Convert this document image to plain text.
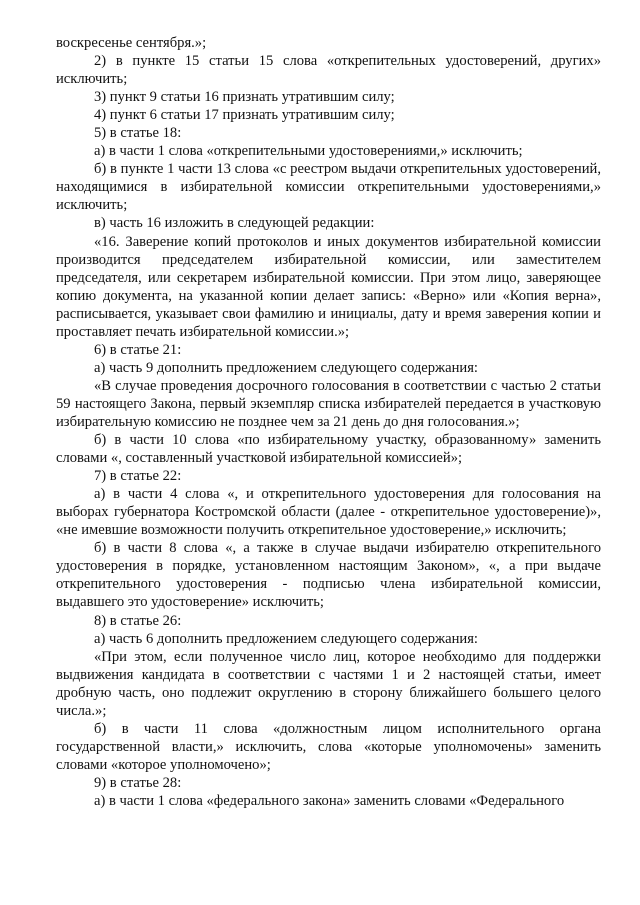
воскресенье сентября.»;

2) в пункте 15 статьи 15 слова «открепительных удостоверений, других» исключить;

3) пункт 9 статьи 16 признать утратившим силу;

4) пункт 6 статьи 17 признать утратившим силу;

5) в статье 18:

а) в части 1 слова «открепительными удостоверениями,» исключить;

б) в пункте 1 части 13 слова «с реестром выдачи открепительных удостоверений, находящимися в избирательной комиссии открепительными удостоверениями,» исключить;

в) часть 16 изложить в следующей редакции:

«16. Заверение копий протоколов и иных документов избирательной комиссии производится председателем избирательной комиссии, или заместителем председателя, или секретарем избирательной комиссии. При этом лицо, заверяющее копию документа, на указанной копии делает запись: «Верно» или «Копия верна», расписывается, указывает свои фамилию и инициалы, дату и время заверения копии и проставляет печать избирательной комиссии.»;

6) в статье 21:

а) часть 9 дополнить предложением следующего содержания:

«В случае проведения досрочного голосования в соответствии с частью 2 статьи 59 настоящего Закона, первый экземпляр списка избирателей передается в участковую избирательную комиссию не позднее чем за 21 день до дня голосования.»;

б) в части 10 слова «по избирательному участку, образованному» заменить словами «, составленный участковой избирательной комиссией»;

7) в статье 22:

а) в части 4 слова «, и открепительного удостоверения для голосования на выборах губернатора Костромской области (далее - открепительное удостоверение)», «не имевшие возможности получить открепительное удостоверение,» исключить;

б) в части 8 слова «, а также в случае выдачи избирателю открепительного удостоверения в порядке, установленном настоящим Законом», «, а при выдаче открепительного удостоверения - подписью члена избирательной комиссии, выдавшего это удостоверение» исключить;

8) в статье 26:

а) часть 6 дополнить предложением следующего содержания:

«При этом, если полученное число лиц, которое необходимо для поддержки выдвижения кандидата в соответствии с частями 1 и 2 настоящей статьи, имеет дробную часть, оно подлежит округлению в сторону ближайшего большего целого числа.»;

б) в части 11 слова «должностным лицом исполнительного органа государственной власти,» исключить, слова «которые уполномочены» заменить словами «которое уполномочено»;

9) в статье 28:

а) в части 1 слова «федерального закона» заменить словами «Федерального
